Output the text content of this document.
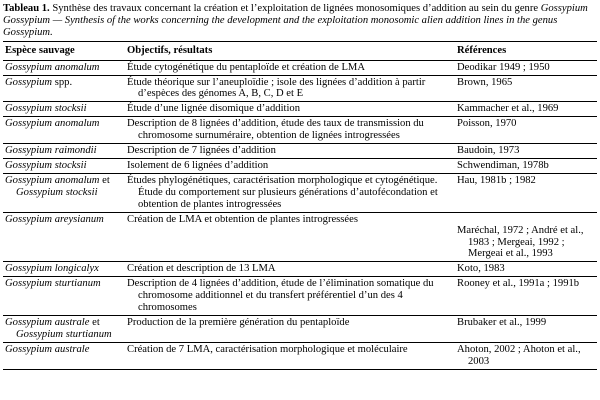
Tableau 1. Synthèse des travaux concernant la création et l’exploitation de lignées monosomiques d’addition au sein du genre Gossypium Gossypium — Synthesis of the works concerning the development and the exploitation monosomic alien addition lines in the genus Gossypium.

Espèce sauvage	Objectifs, résultats	Références
Gossypium anomalum	Étude cytogénétique du pentaploïde et création de LMA	Deodikar 1949 ; 1950

Gossypium spp.	Étude théorique sur l’aneuploïdie ; isole des lignées d’addition à partir d’espèces des génomes A, B, C, D et E	Brown, 1965

Gossypium stocksii	Étude d’une lignée disomique d’addition	Kammacher et al., 1969

Gossypium anomalum	Description de 8 lignées d’addition, étude des taux de transmission du chromosome surnuméraire, obtention de lignées introgressées	Poisson, 1970

Gossypium raimondii	Description de 7 lignées d’addition	Baudoin, 1973

Gossypium stocksii	Isolement de 6 lignées d’addition	Schwendiman, 1978b

Gossypium anomalum et Gossypium stocksii	Études phylogénétiques, caractérisation morphologique et cytogénétique. Étude du comportement sur plusieurs générations d’autofécondation et obtention de plantes introgressées	Hau, 1981b ; 1982

Gossypium areysianum	Création de LMA et obtention de plantes introgressées	Maréchal, 1972 ; André et al., 1983 ; Mergeai, 1992 ; Mergeai et al., 1993

Gossypium longicalyx	Création et description de 13 LMA	Koto, 1983

Gossypium sturtianum	Description de 4 lignées d’addition, étude de l’élimination somatique du chromosome additionnel et du transfert préférentiel d’un des 4 chromosomes	Rooney et al., 1991a ; 1991b

Gossypium australe et Gossypium sturtianum	Production de la première génération du pentaploïde	Brubaker et al., 1999

Gossypium australe	Création de 7 LMA, caractérisation morphologique et moléculaire	Ahoton, 2002 ; Ahoton et al., 2003
